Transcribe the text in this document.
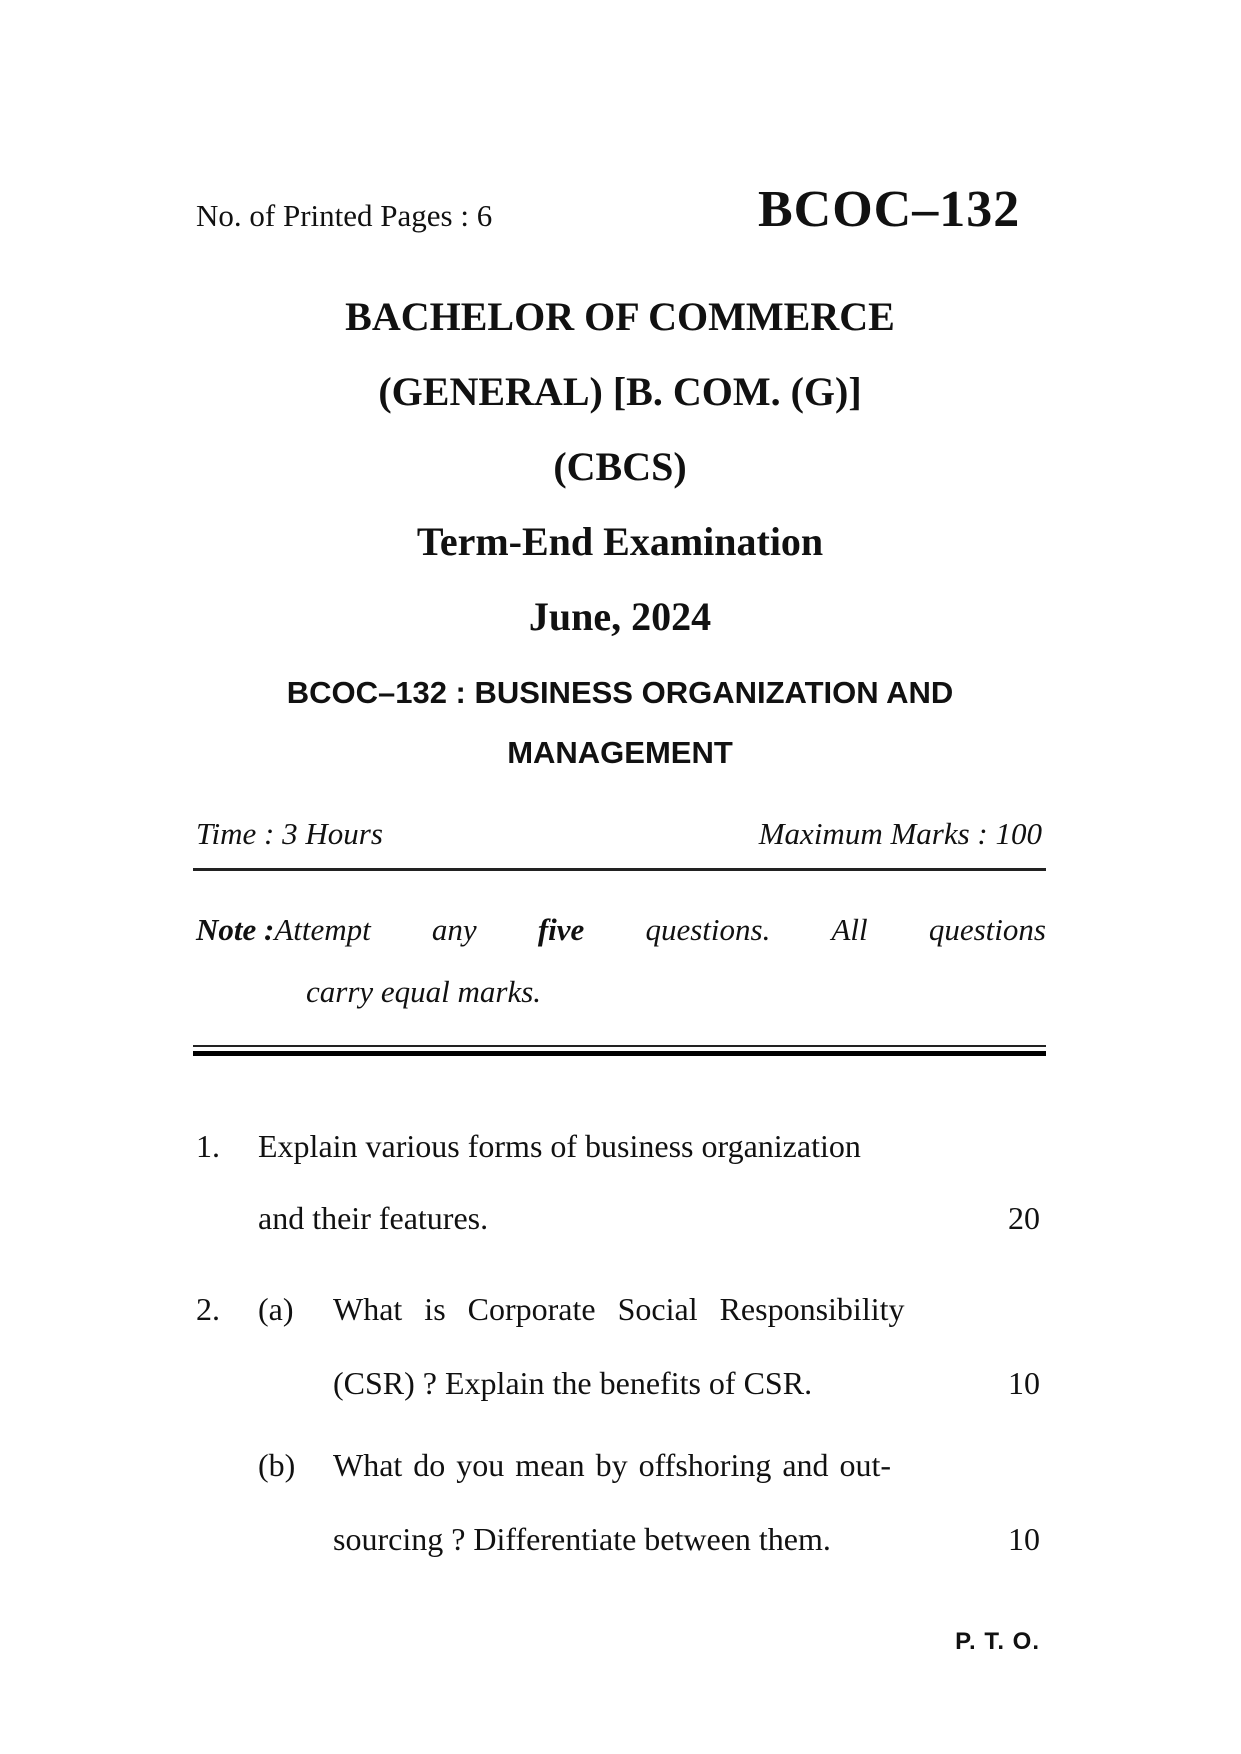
No. of Printed Pages : 6	BCOC–132
BACHELOR OF COMMERCE
(GENERAL) [B. COM. (G)]
(CBCS)
Term-End Examination
June, 2024
BCOC–132 : BUSINESS ORGANIZATION AND
MANAGEMENT
Time : 3 Hours	Maximum Marks : 100
Note :Attempt any five questions. All questions
carry equal marks.
1. Explain various forms of business organization
and their features.	20
2. (a) What is Corporate Social Responsibility
(CSR) ? Explain the benefits of CSR.	10
(b) What do you mean by offshoring and out-
sourcing ? Differentiate between them.	10
P. T. O.
